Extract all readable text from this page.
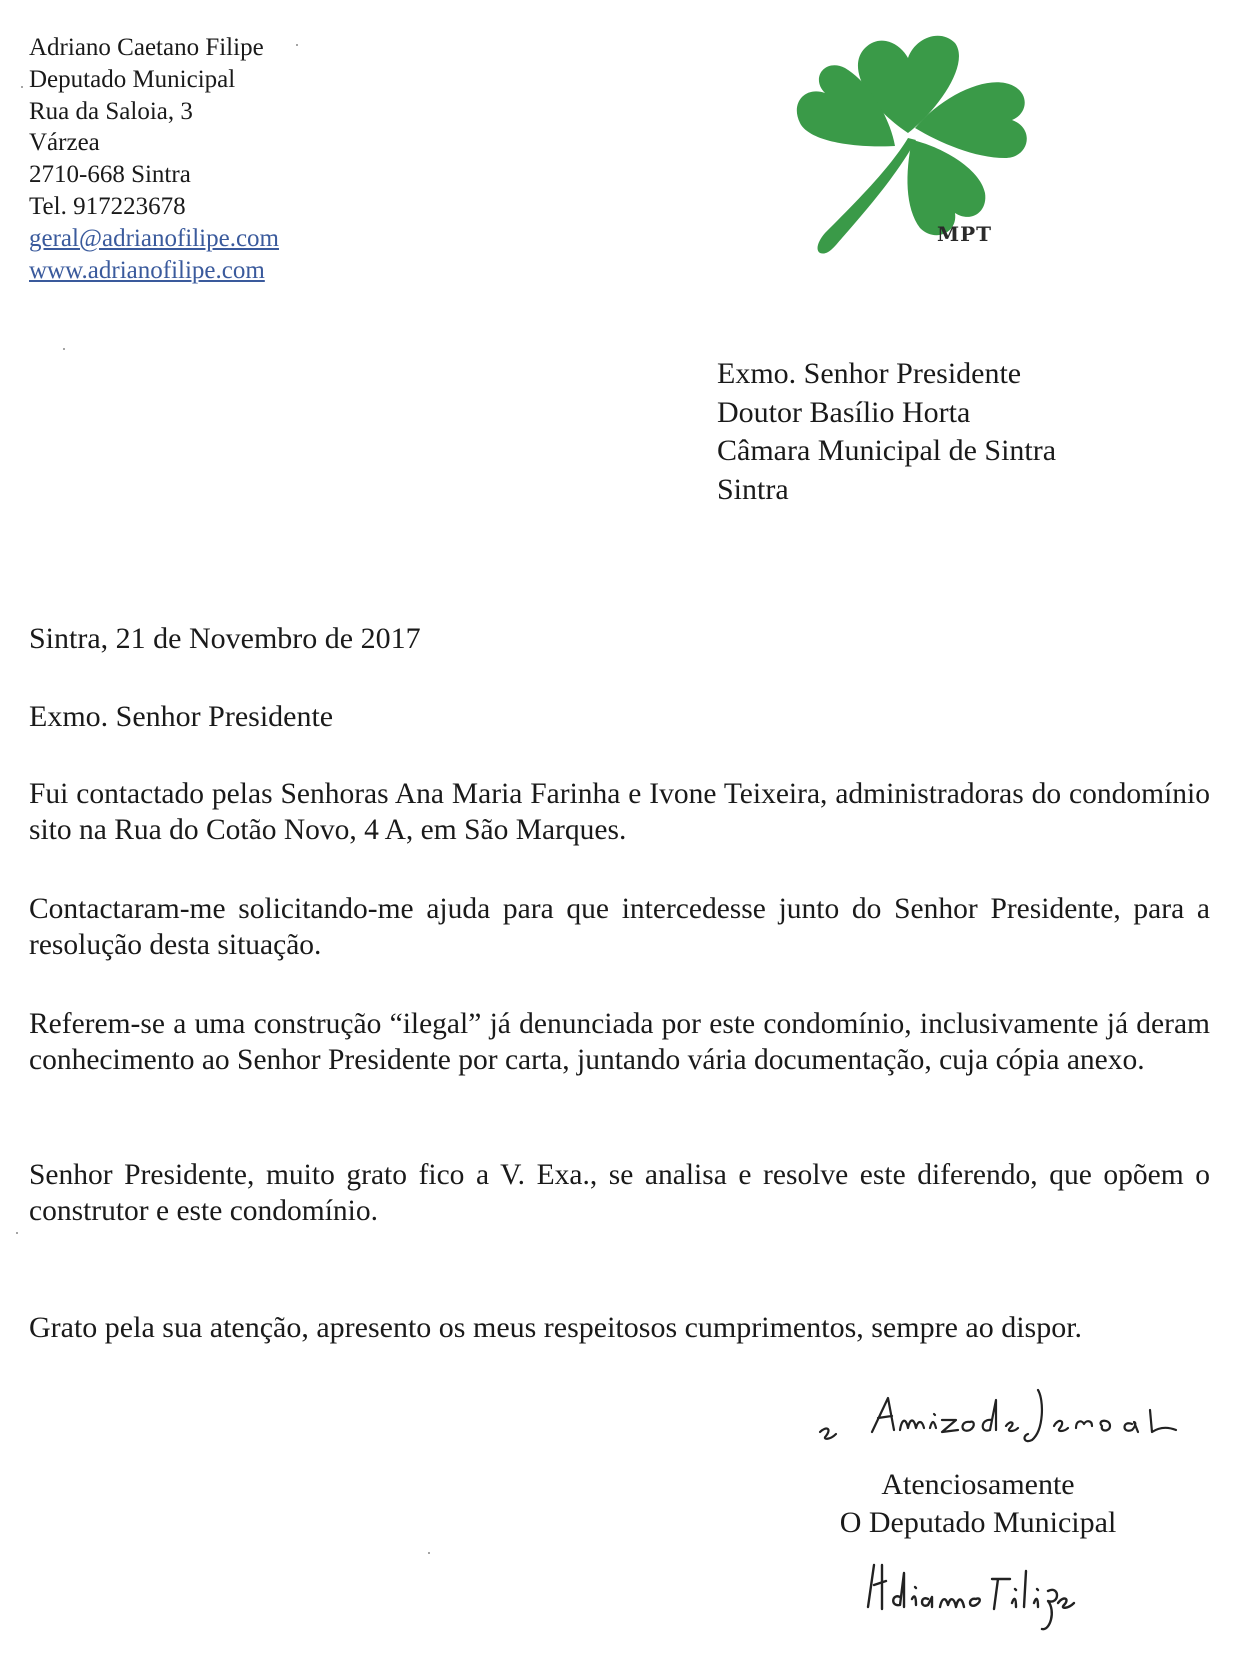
Adriano Caetano Filipe
Deputado Municipal
Rua da Saloia, 3
Várzea
2710-668 Sintra
Tel. 917223678
geral@adrianofilipe.com
www.adrianofilipe.com
MPT
Exmo. Senhor Presidente
Doutor Basílio Horta
Câmara Municipal de Sintra
Sintra
Sintra, 21 de Novembro de 2017
Exmo. Senhor Presidente
Fui contactado pelas Senhoras Ana Maria Farinha e Ivone Teixeira, administradoras do condomínio sito na Rua do Cotão Novo, 4 A, em São Marques.
Contactaram-me solicitando-me ajuda para que intercedesse junto do Senhor Presidente, para a resolução desta situação.
Referem-se a uma construção “ilegal” já denunciada por este condomínio, inclusivamente já deram conhecimento ao Senhor Presidente por carta, juntando vária documentação, cuja cópia anexo.
Senhor Presidente, muito grato fico a V. Exa., se analisa e resolve este diferendo, que opõem o construtor e este condomínio.
Grato pela sua atenção, apresento os meus respeitosos cumprimentos, sempre ao dispor.
Atenciosamente
O Deputado Municipal
